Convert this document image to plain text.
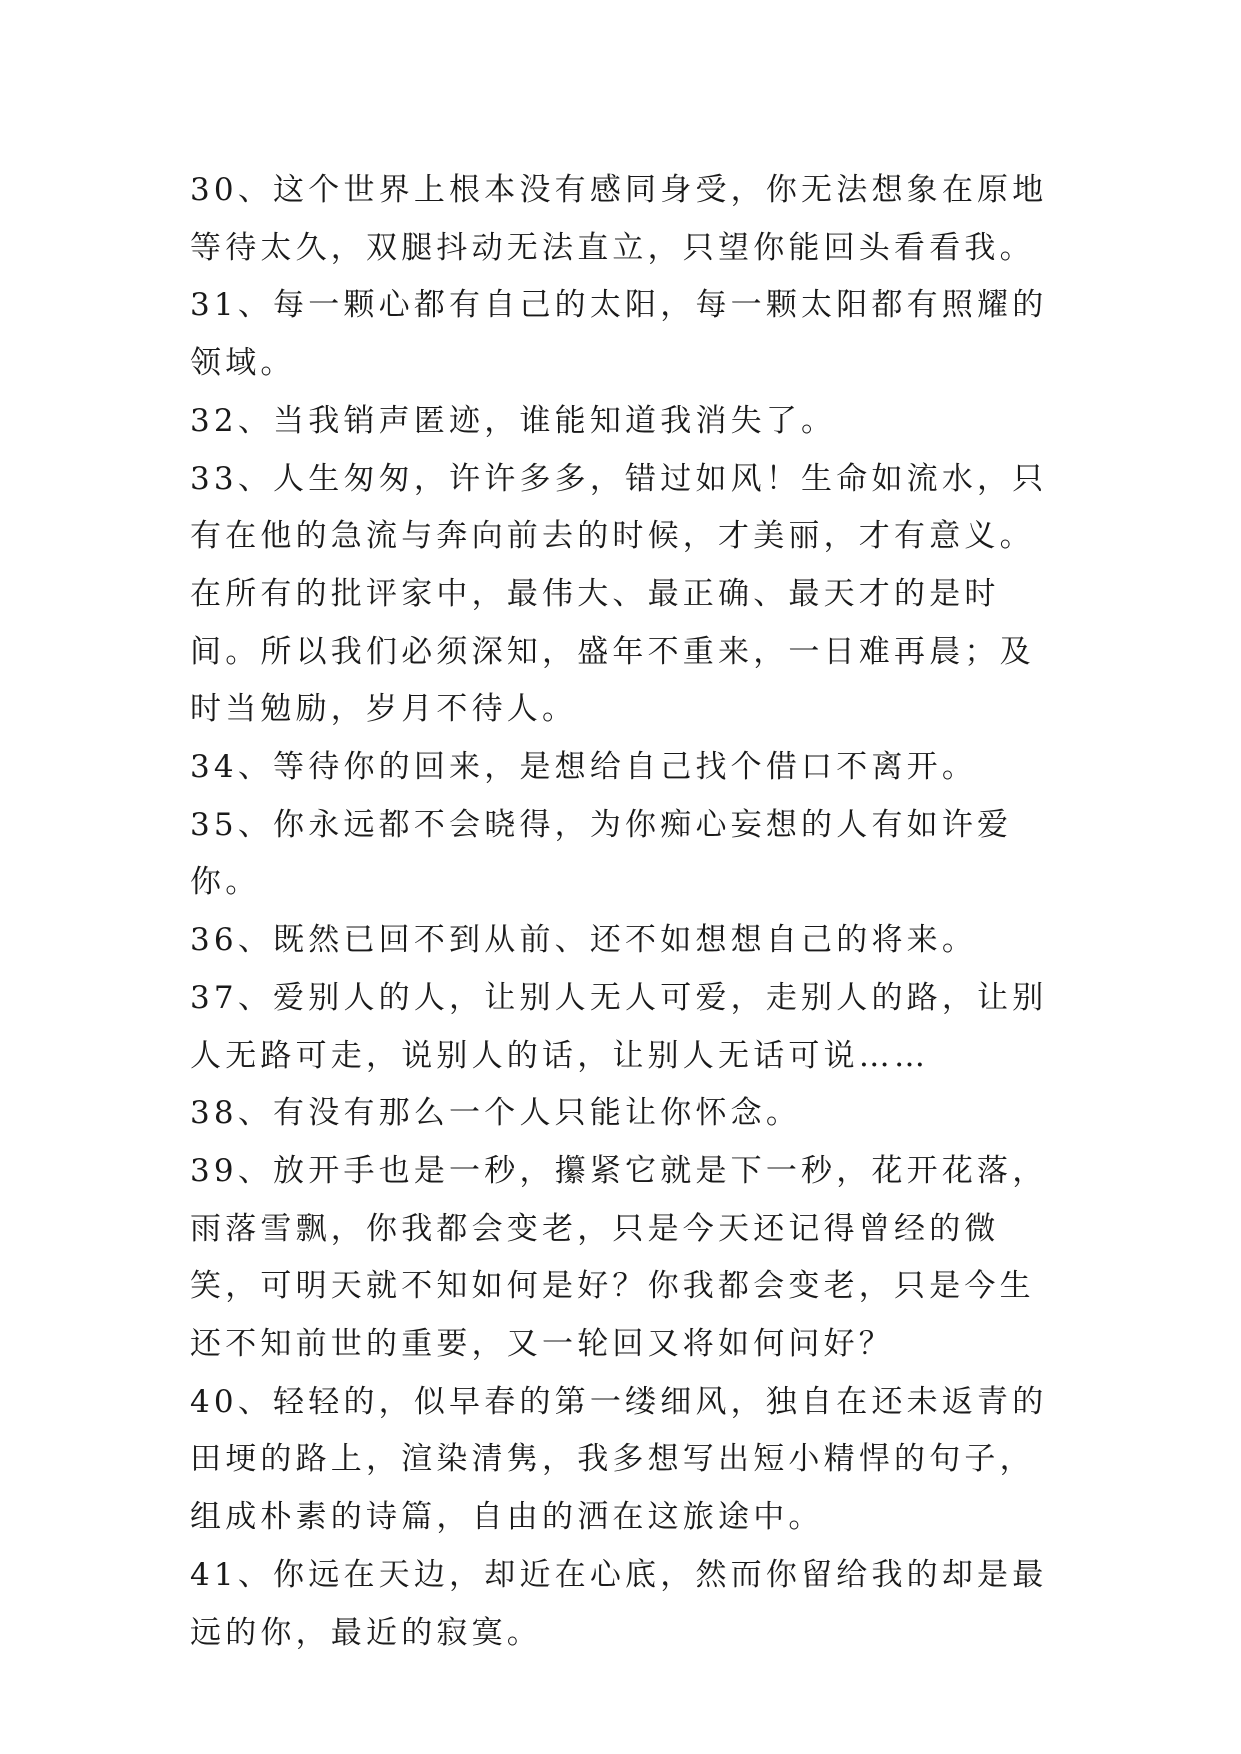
30、这个世界上根本没有感同身受，你无法想象在原地等待太久，双腿抖动无法直立，只望你能回头看看我。

31、每一颗心都有自己的太阳，每一颗太阳都有照耀的领域。

32、当我销声匿迹，谁能知道我消失了。

33、人生匆匆，许许多多，错过如风！生命如流水，只有在他的急流与奔向前去的时候，才美丽，才有意义。在所有的批评家中，最伟大、最正确、最天才的是时间。所以我们必须深知，盛年不重来，一日难再晨；及时当勉励，岁月不待人。

34、等待你的回来，是想给自己找个借口不离开。

35、你永远都不会晓得，为你痴心妄想的人有如许爱你。

36、既然已回不到从前、还不如想想自己的将来。

37、爱别人的人，让别人无人可爱，走别人的路，让别人无路可走，说别人的话，让别人无话可说……

38、有没有那么一个人只能让你怀念。

39、放开手也是一秒，攥紧它就是下一秒，花开花落，雨落雪飘，你我都会变老，只是今天还记得曾经的微笑，可明天就不知如何是好？你我都会变老，只是今生还不知前世的重要，又一轮回又将如何问好？

40、轻轻的，似早春的第一缕细风，独自在还未返青的田埂的路上，渲染清隽，我多想写出短小精悍的句子，组成朴素的诗篇，自由的洒在这旅途中。

41、你远在天边，却近在心底，然而你留给我的却是最远的你，最近的寂寞。
